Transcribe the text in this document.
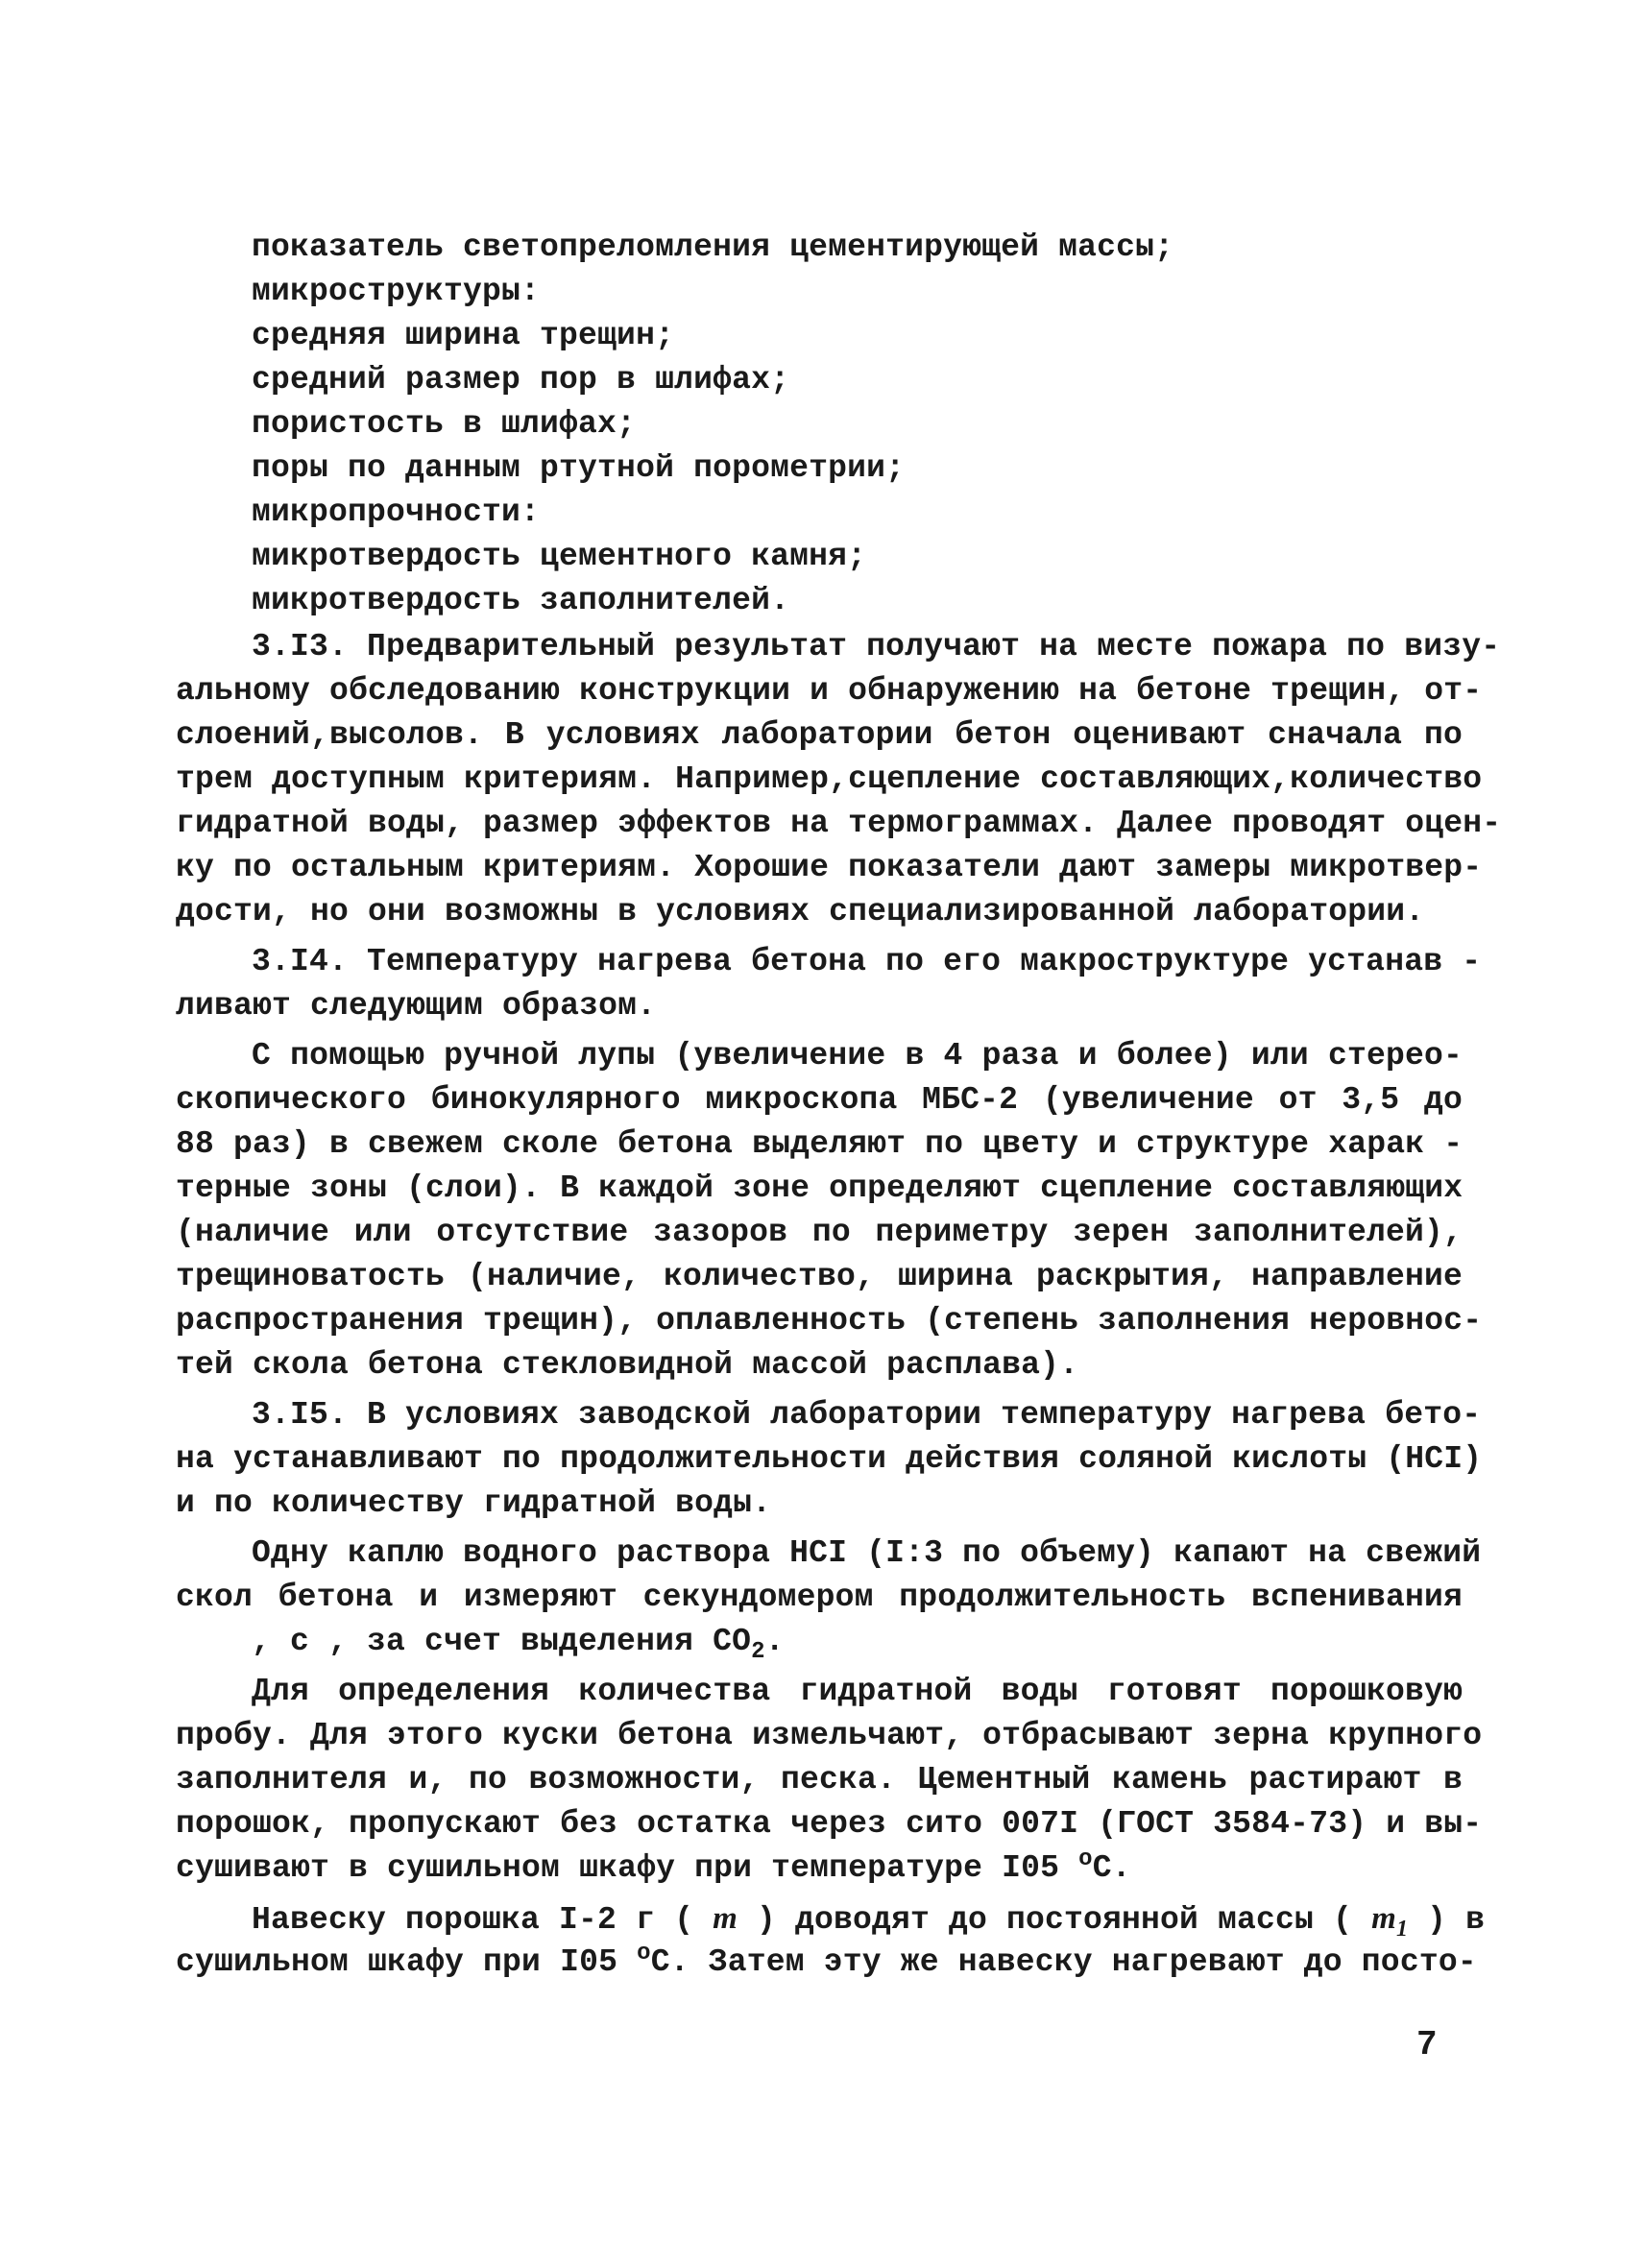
показатель светопреломления цементирующей массы;
микроструктуры:
средняя ширина трещин;
средний размер пор в шлифах;
пористость в шлифах;
поры по данным ртутной порометрии;
микропрочности:
микротвердость цементного камня;
микротвердость заполнителей.
3.I3. Предварительный результат получают на месте пожара по визу-
альному обследованию конструкции и обнаружению на бетоне трещин, от-
слоений,высолов. В условиях лаборатории бетон оценивают сначала по
трем доступным критериям. Например,сцепление составляющих,количество
гидратной воды, размер эффектов на термограммах. Далее проводят оцен-
ку по остальным критериям. Хорошие показатели дают замеры микротвер-
дости, но они возможны в условиях специализированной лаборатории.
3.I4. Температуру нагрева бетона по его макроструктуре устанав -
ливают следующим образом.
С помощью ручной лупы (увеличение в 4 раза и более) или стерео-
скопического бинокулярного микроскопа МБС-2 (увеличение от 3,5 до
88 раз) в свежем сколе бетона выделяют по цвету и структуре харак -
терные зоны (слои). В каждой зоне определяют сцепление составляющих
(наличие или отсутствие зазоров по периметру зерен заполнителей),
трещиноватость (наличие, количество, ширина раскрытия, направление
распространения трещин), оплавленность (степень заполнения неровнос-
тей скола бетона стекловидной массой расплава).
3.I5. В условиях заводской лаборатории температуру нагрева бето-
на устанавливают по продолжительности действия соляной кислоты (HCI)
и по количеству гидратной воды.
Одну каплю водного раствора HCI (I:3 по объему) капают на свежий
скол бетона и измеряют секундомером продолжительность вспенивания
, с , за счет выделения $CO_2$.
Для определения количества гидратной воды готовят порошковую
пробу. Для этого куски бетона измельчают, отбрасывают зерна крупного
заполнителя и, по возможности, песка. Цементный камень растирают в
порошок, пропускают без остатка через сито 007I (ГОСТ 3584-73) и вы-
сушивают в сушильном шкафу при температуре I05 $^o$C.
Навеску порошка I-2 г ( m ) доводят до постоянной массы ( $m_1$ ) в
сушильном шкафу при I05 $^o$C. Затем эту же навеску нагревают до посто-
7
